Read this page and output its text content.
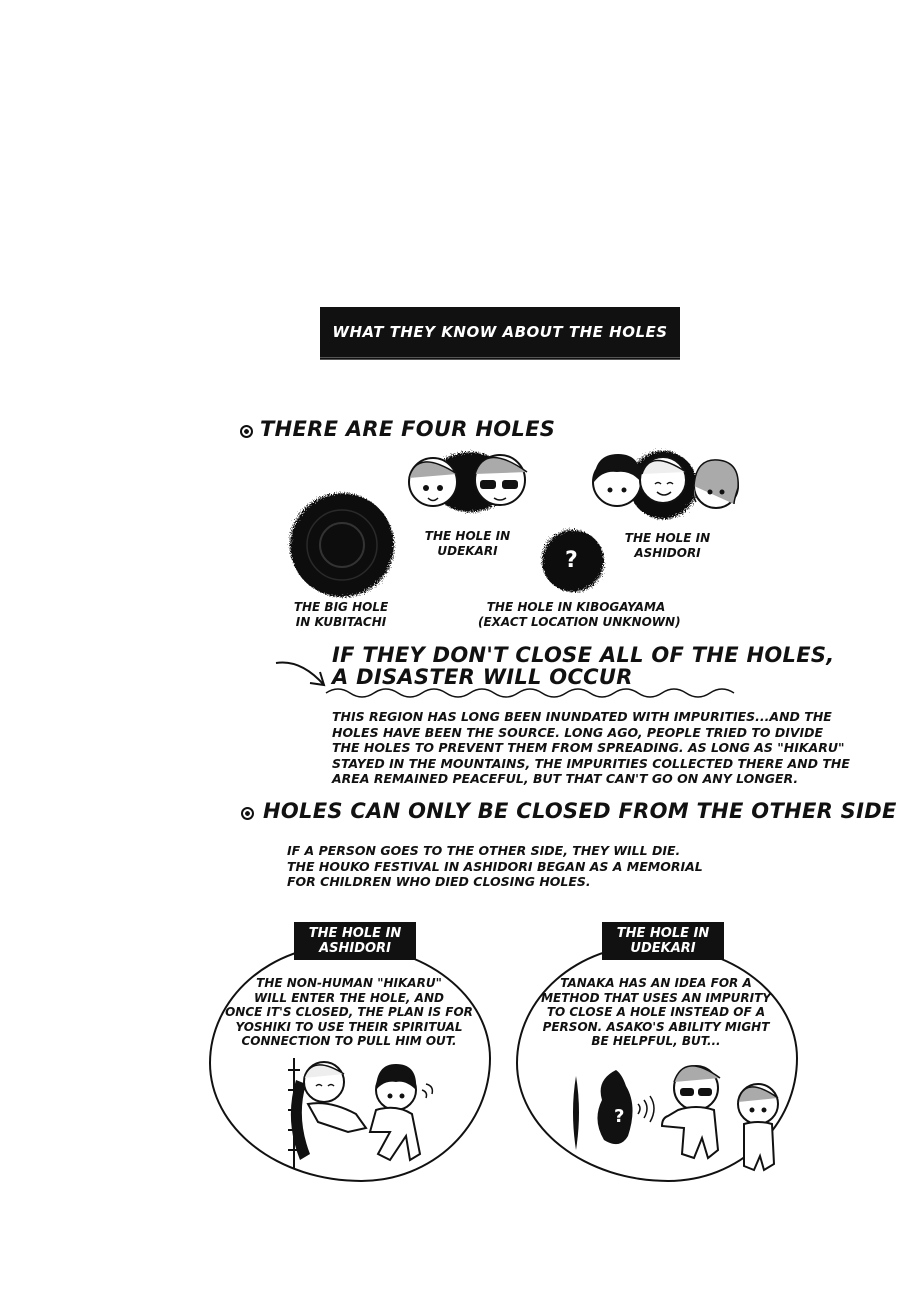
WHAT THEY KNOW ABOUT THE HOLES
THERE ARE FOUR HOLES
?
THE BIG HOLE
IN KUBITACHI
THE HOLE IN
UDEKARI
THE HOLE IN KIBOGAYAMA
(EXACT LOCATION UNKNOWN)
THE HOLE IN
ASHIDORI
IF THEY DON'T CLOSE ALL OF THE HOLES,
A DISASTER WILL OCCUR
THIS REGION HAS LONG BEEN INUNDATED WITH IMPURITIES...AND THE
HOLES HAVE BEEN THE SOURCE. LONG AGO, PEOPLE TRIED TO DIVIDE
THE HOLES TO PREVENT THEM FROM SPREADING. AS LONG AS "HIKARU"
STAYED IN THE MOUNTAINS, THE IMPURITIES COLLECTED THERE AND THE
AREA REMAINED PEACEFUL, BUT THAT CAN'T GO ON ANY LONGER.
HOLES CAN ONLY BE CLOSED FROM THE OTHER SIDE
IF A PERSON GOES TO THE OTHER SIDE, THEY WILL DIE.
THE HOUKO FESTIVAL IN ASHIDORI BEGAN AS A MEMORIAL
FOR CHILDREN WHO DIED CLOSING HOLES.
THE HOLE IN
ASHIDORI
THE NON-HUMAN "HIKARU"
WILL ENTER THE HOLE, AND
ONCE IT'S CLOSED, THE PLAN IS FOR
YOSHIKI TO USE THEIR SPIRITUAL
CONNECTION TO PULL HIM OUT.
THE HOLE IN
UDEKARI
TANAKA HAS AN IDEA FOR A
METHOD THAT USES AN IMPURITY
TO CLOSE A HOLE INSTEAD OF A
PERSON. ASAKO'S ABILITY MIGHT
BE HELPFUL, BUT...
?
